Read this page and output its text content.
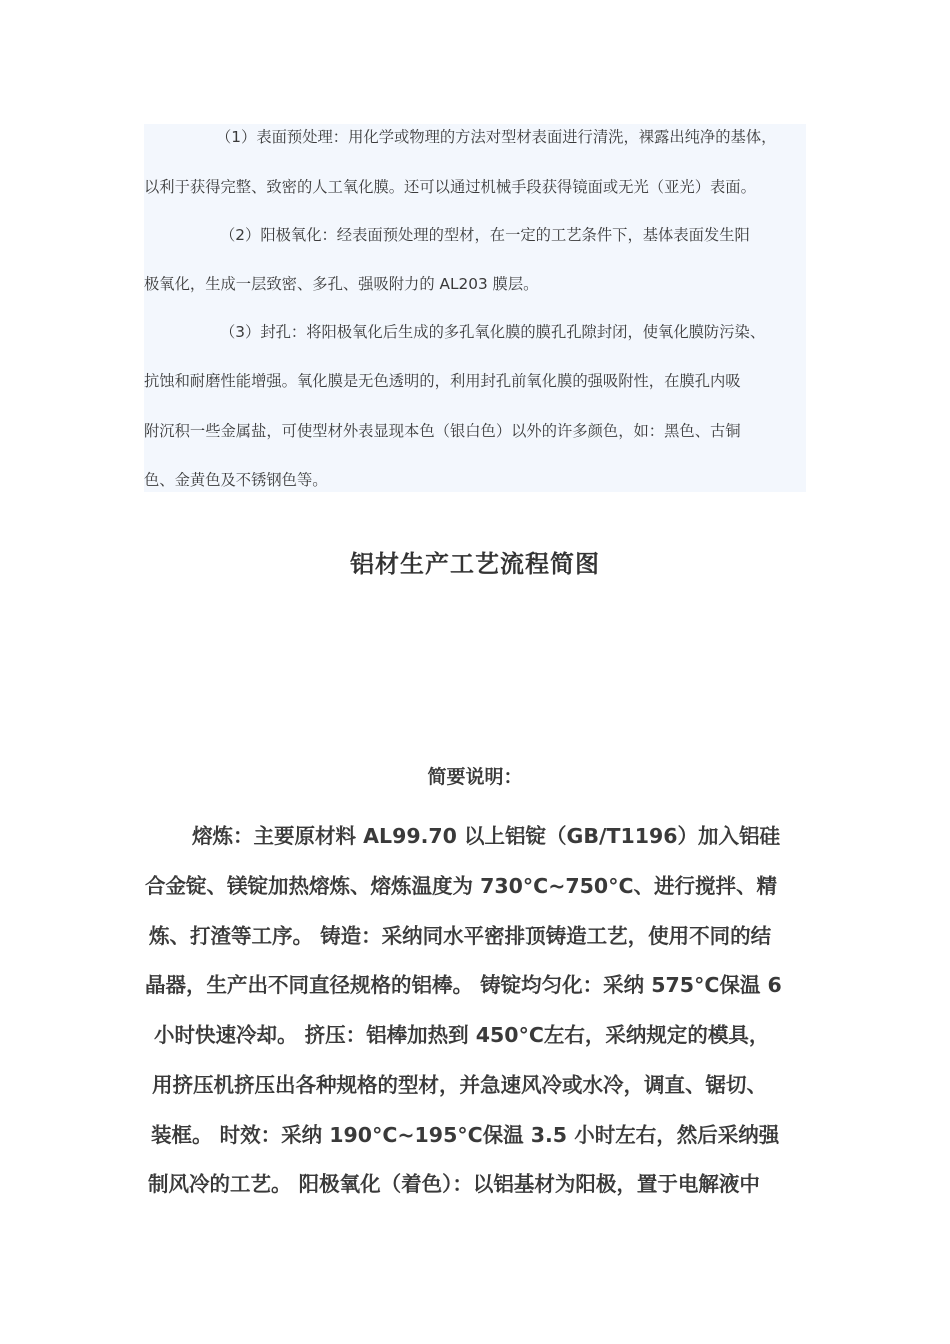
（1）表面预处理：用化学或物理的方法对型材表面进行清洗，裸露出纯净的基体，

以利于获得完整、致密的人工氧化膜。还可以通过机械手段获得镜面或无光（亚光）表面。

（2）阳极氧化：经表面预处理的型材，在一定的工艺条件下，基体表面发生阳

极氧化，生成一层致密、多孔、强吸附力的 AL203 膜层。

（3）封孔：将阳极氧化后生成的多孔氧化膜的膜孔孔隙封闭，使氧化膜防污染、

抗蚀和耐磨性能增强。氧化膜是无色透明的，利用封孔前氧化膜的强吸附性，在膜孔内吸

附沉积一些金属盐，可使型材外表显现本色（银白色）以外的许多颜色，如：黑色、古铜

色、金黄色及不锈钢色等。

铝材生产工艺流程简图
简要说明：

熔炼：主要原材料 AL99.70 以上铝锭（GB/T1196）加入铝硅

合金锭、镁锭加热熔炼、熔炼温度为 730°C~750°C、进行搅拌、精

炼、打渣等工序。 铸造：采纳同水平密排顶铸造工艺，使用不同的结

晶器，生产出不同直径规格的铝棒。 铸锭均匀化：采纳 575°C保温 6

小时快速冷却。 挤压：铝棒加热到 450°C左右，采纳规定的模具，

用挤压机挤压出各种规格的型材，并急速风冷或水冷，调直、锯切、

装框。 时效：采纳 190°C~195°C保温 3.5 小时左右，然后采纳强

制风冷的工艺。 阳极氧化（着色）：以铝基材为阳极，置于电解液中
